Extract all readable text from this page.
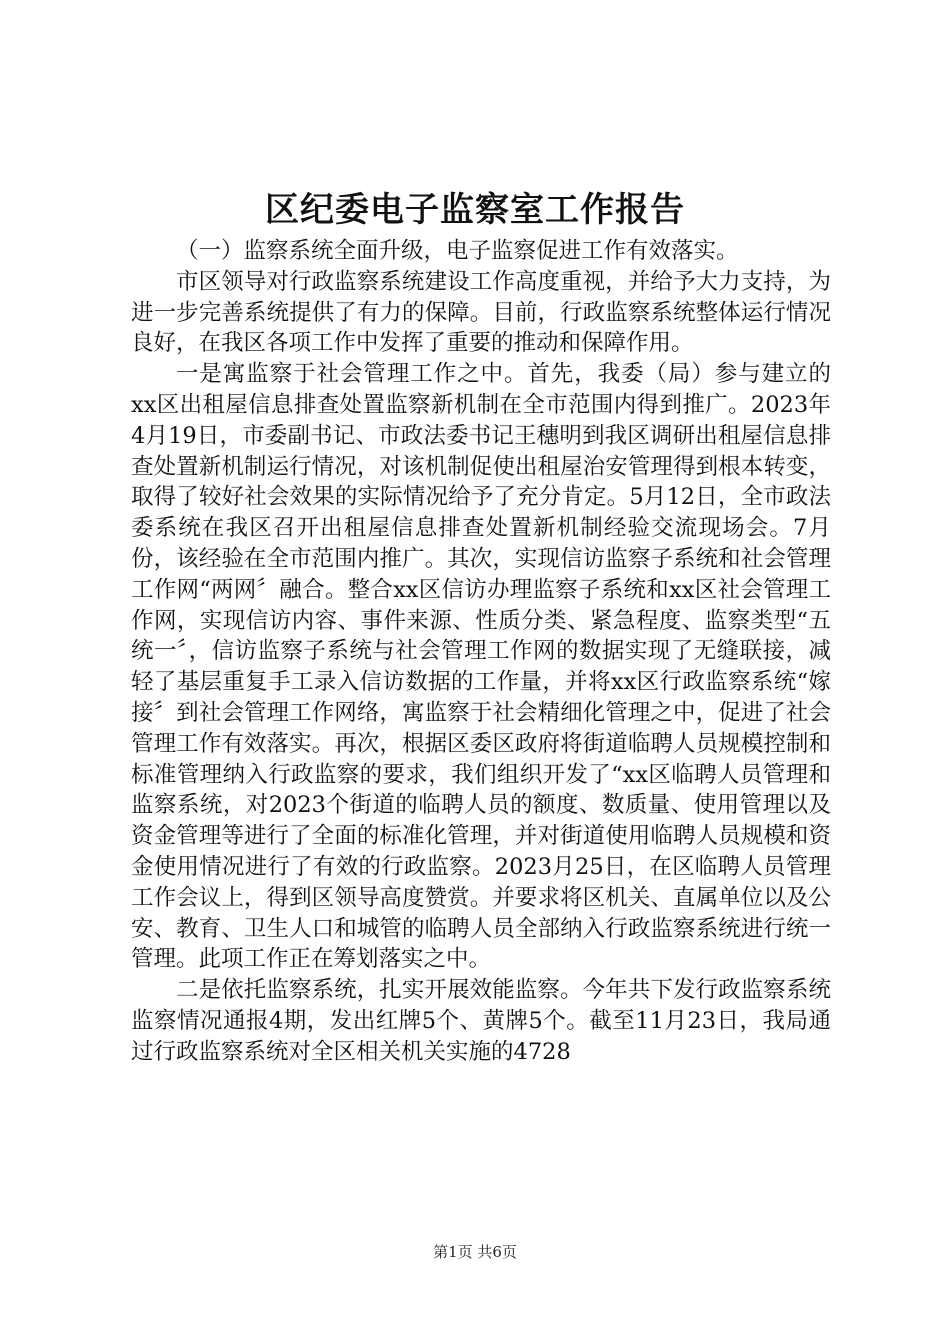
区纪委电子监察室工作报告

（一）监察系统全面升级，电子监察促进工作有效落实。

市区领导对行政监察系统建设工作高度重视，并给予大力支持，为进一步完善系统提供了有力的保障。目前，行政监察系统整体运行情况良好，在我区各项工作中发挥了重要的推动和保障作用。

一是寓监察于社会管理工作之中。首先，我委（局）参与建立的xx区出租屋信息排查处置监察新机制在全市范围内得到推广。2023年4月19日，市委副书记、市政法委书记王穗明到我区调研出租屋信息排查处置新机制运行情况，对该机制促使出租屋治安管理得到根本转变，取得了较好社会效果的实际情况给予了充分肯定。5月12日，全市政法委系统在我区召开出租屋信息排查处置新机制经验交流现场会。7月份，该经验在全市范围内推广。其次，实现信访监察子系统和社会管理工作网“两网〞融合。整合xx区信访办理监察子系统和xx区社会管理工作网，实现信访内容、事件来源、性质分类、紧急程度、监察类型“五统一〞，信访监察子系统与社会管理工作网的数据实现了无缝联接，减轻了基层重复手工录入信访数据的工作量，并将xx区行政监察系统“嫁接〞到社会管理工作网络，寓监察于社会精细化管理之中，促进了社会管理工作有效落实。再次，根据区委区政府将街道临聘人员规模控制和标准管理纳入行政监察的要求，我们组织开发了“xx区临聘人员管理和监察系统，对2023个街道的临聘人员的额度、数质量、使用管理以及资金管理等进行了全面的标准化管理，并对街道使用临聘人员规模和资金使用情况进行了有效的行政监察。2023月25日，在区临聘人员管理工作会议上，得到区领导高度赞赏。并要求将区机关、直属单位以及公安、教育、卫生人口和城管的临聘人员全部纳入行政监察系统进行统一管理。此项工作正在筹划落实之中。

二是依托监察系统，扎实开展效能监察。今年共下发行政监察系统监察情况通报4期，发出红牌5个、黄牌5个。截至11月23日，我局通过行政监察系统对全区相关机关实施的4728

第1页 共6页
